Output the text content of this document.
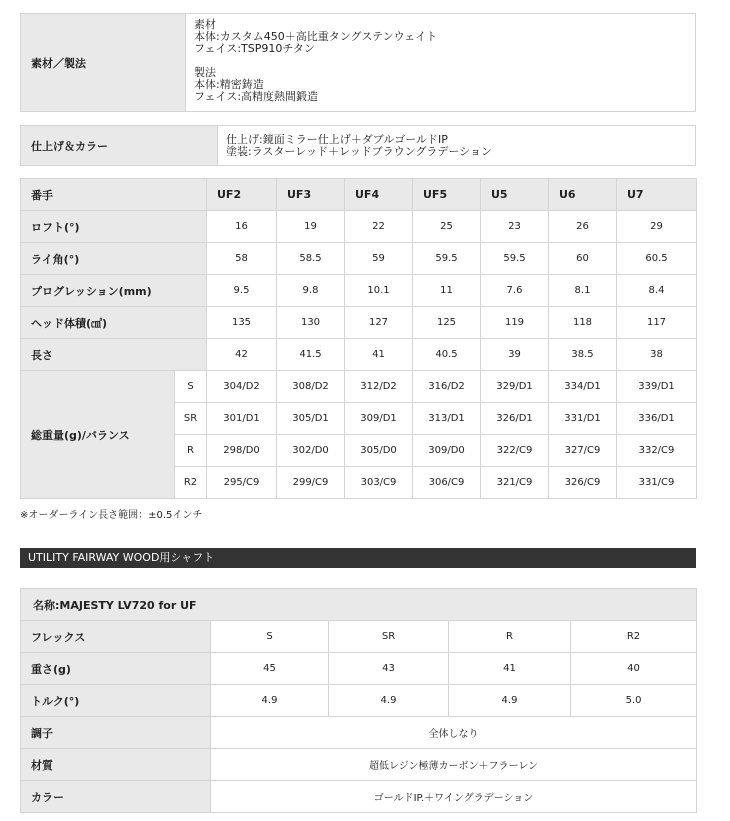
素材／製法	
素材
本体:カスタム450＋高比重タングステンウェイト
フェイス:TSP910チタン
製法
本体:精密鋳造
フェイス:高精度熱間鍛造
仕上げ＆カラー	
仕上げ:鏡面ミラー仕上げ＋ダブルゴールドIP
塗装:ラスターレッド＋レッドブラウングラデーション
番手		UF2	UF3	UF4	UF5	U5	U6	U7
ロフト(°)		16	19	22	25	23	26	29
ライ角(°)		58	58.5	59	59.5	59.5	60	60.5
プログレッション(mm)		9.5	9.8	10.1	11	7.6	8.1	8.4
ヘッド体積(㎤)		135	130	127	125	119	118	117
長さ		42	41.5	41	40.5	39	38.5	38
総重量(g)/バランス	S	304/D2	308/D2	312/D2	316/D2	329/D1	334/D1	339/D1
	SR	301/D1	305/D1	309/D1	313/D1	326/D1	331/D1	336/D1
	R	298/D0	302/D0	305/D0	309/D0	322/C9	327/C9	332/C9
	R2	295/C9	299/C9	303/C9	306/C9	321/C9	326/C9	331/C9
※オーダーライン長さ範囲：±0.5インチ
UTILITY FAIRWAY WOOD用シャフト
名称:MAJESTY LV720 for UF				
フレックス	S	SR	R	R2
重さ(g)	45	43	41	40
トルク(°)	4.9	4.9	4.9	5.0
調子	全体しなり			
材質	超低レジン極薄カーボン＋フラーレン			
カラー	ゴールドIP.＋ワイングラデーション			
